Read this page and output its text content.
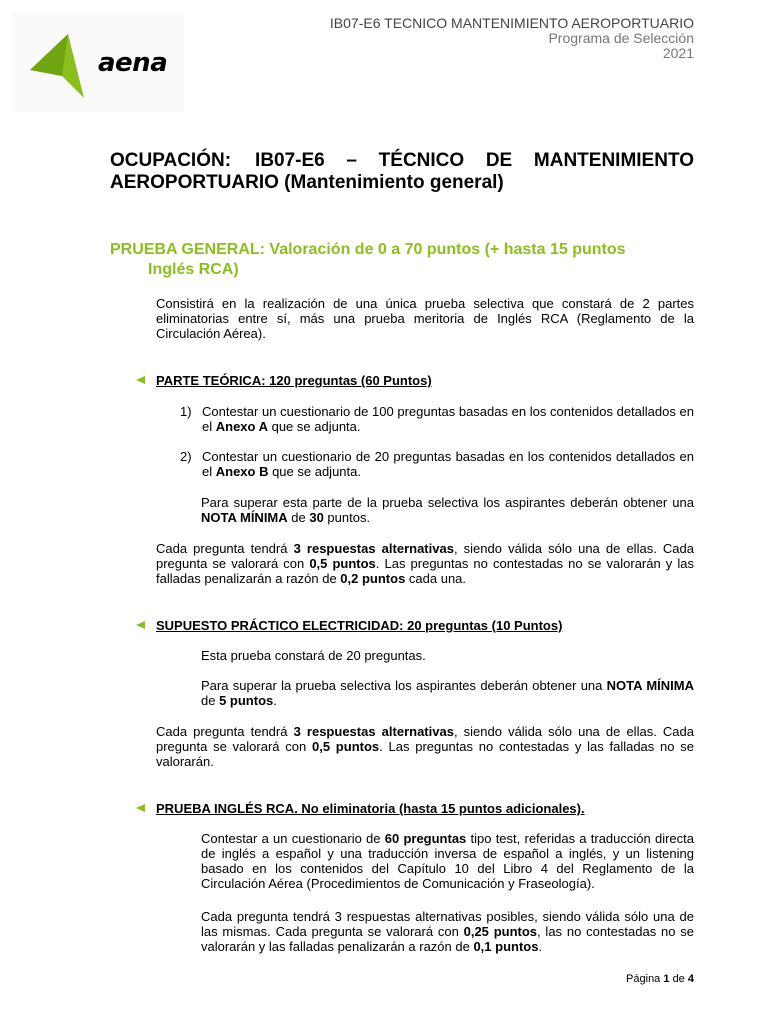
aena
IB07-E6 TECNICO MANTENIMIENTO AEROPORTUARIO
Programa de Selección
2021
OCUPACIÓN: IB07-E6 – TÉCNICO DE MANTENIMIENTO
AEROPORTUARIO (Mantenimiento general)
PRUEBA GENERAL: Valoración de 0 a 70 puntos (+ hasta 15 puntos
Inglés RCA)
Consistirá en la realización de una única prueba selectiva que constará de 2 partes eliminatorias entre sí, más una prueba meritoria de Inglés RCA (Reglamento de la Circulación Aérea).
PARTE TEÓRICA: 120 preguntas (60 Puntos)
1) Contestar un cuestionario de 100 preguntas basadas en los contenidos detallados en el Anexo A que se adjunta.
2) Contestar un cuestionario de 20 preguntas basadas en los contenidos detallados en el Anexo B que se adjunta.
Para superar esta parte de la prueba selectiva los aspirantes deberán obtener una NOTA MÍNIMA de 30 puntos.
Cada pregunta tendrá 3 respuestas alternativas, siendo válida sólo una de ellas. Cada pregunta se valorará con 0,5 puntos. Las preguntas no contestadas no se valorarán y las falladas penalizarán a razón de 0,2 puntos cada una.
SUPUESTO PRÁCTICO ELECTRICIDAD: 20 preguntas (10 Puntos)
Esta prueba constará de 20 preguntas.
Para superar la prueba selectiva los aspirantes deberán obtener una NOTA MÍNIMA de 5 puntos.
Cada pregunta tendrá 3 respuestas alternativas, siendo válida sólo una de ellas. Cada pregunta se valorará con 0,5 puntos. Las preguntas no contestadas y las falladas no se valorarán.
PRUEBA INGLÉS RCA. No eliminatoria (hasta 15 puntos adicionales).
Contestar a un cuestionario de 60 preguntas tipo test, referidas a traducción directa de inglés a español y una traducción inversa de español a inglés, y un listening basado en los contenidos del Capítulo 10 del Libro 4 del Reglamento de la Circulación Aérea (Procedimientos de Comunicación y Fraseología).
Cada pregunta tendrá 3 respuestas alternativas posibles, siendo válida sólo una de las mismas. Cada pregunta se valorará con 0,25 puntos, las no contestadas no se valorarán y las falladas penalizarán a razón de 0,1 puntos.
Página 1 de 4
